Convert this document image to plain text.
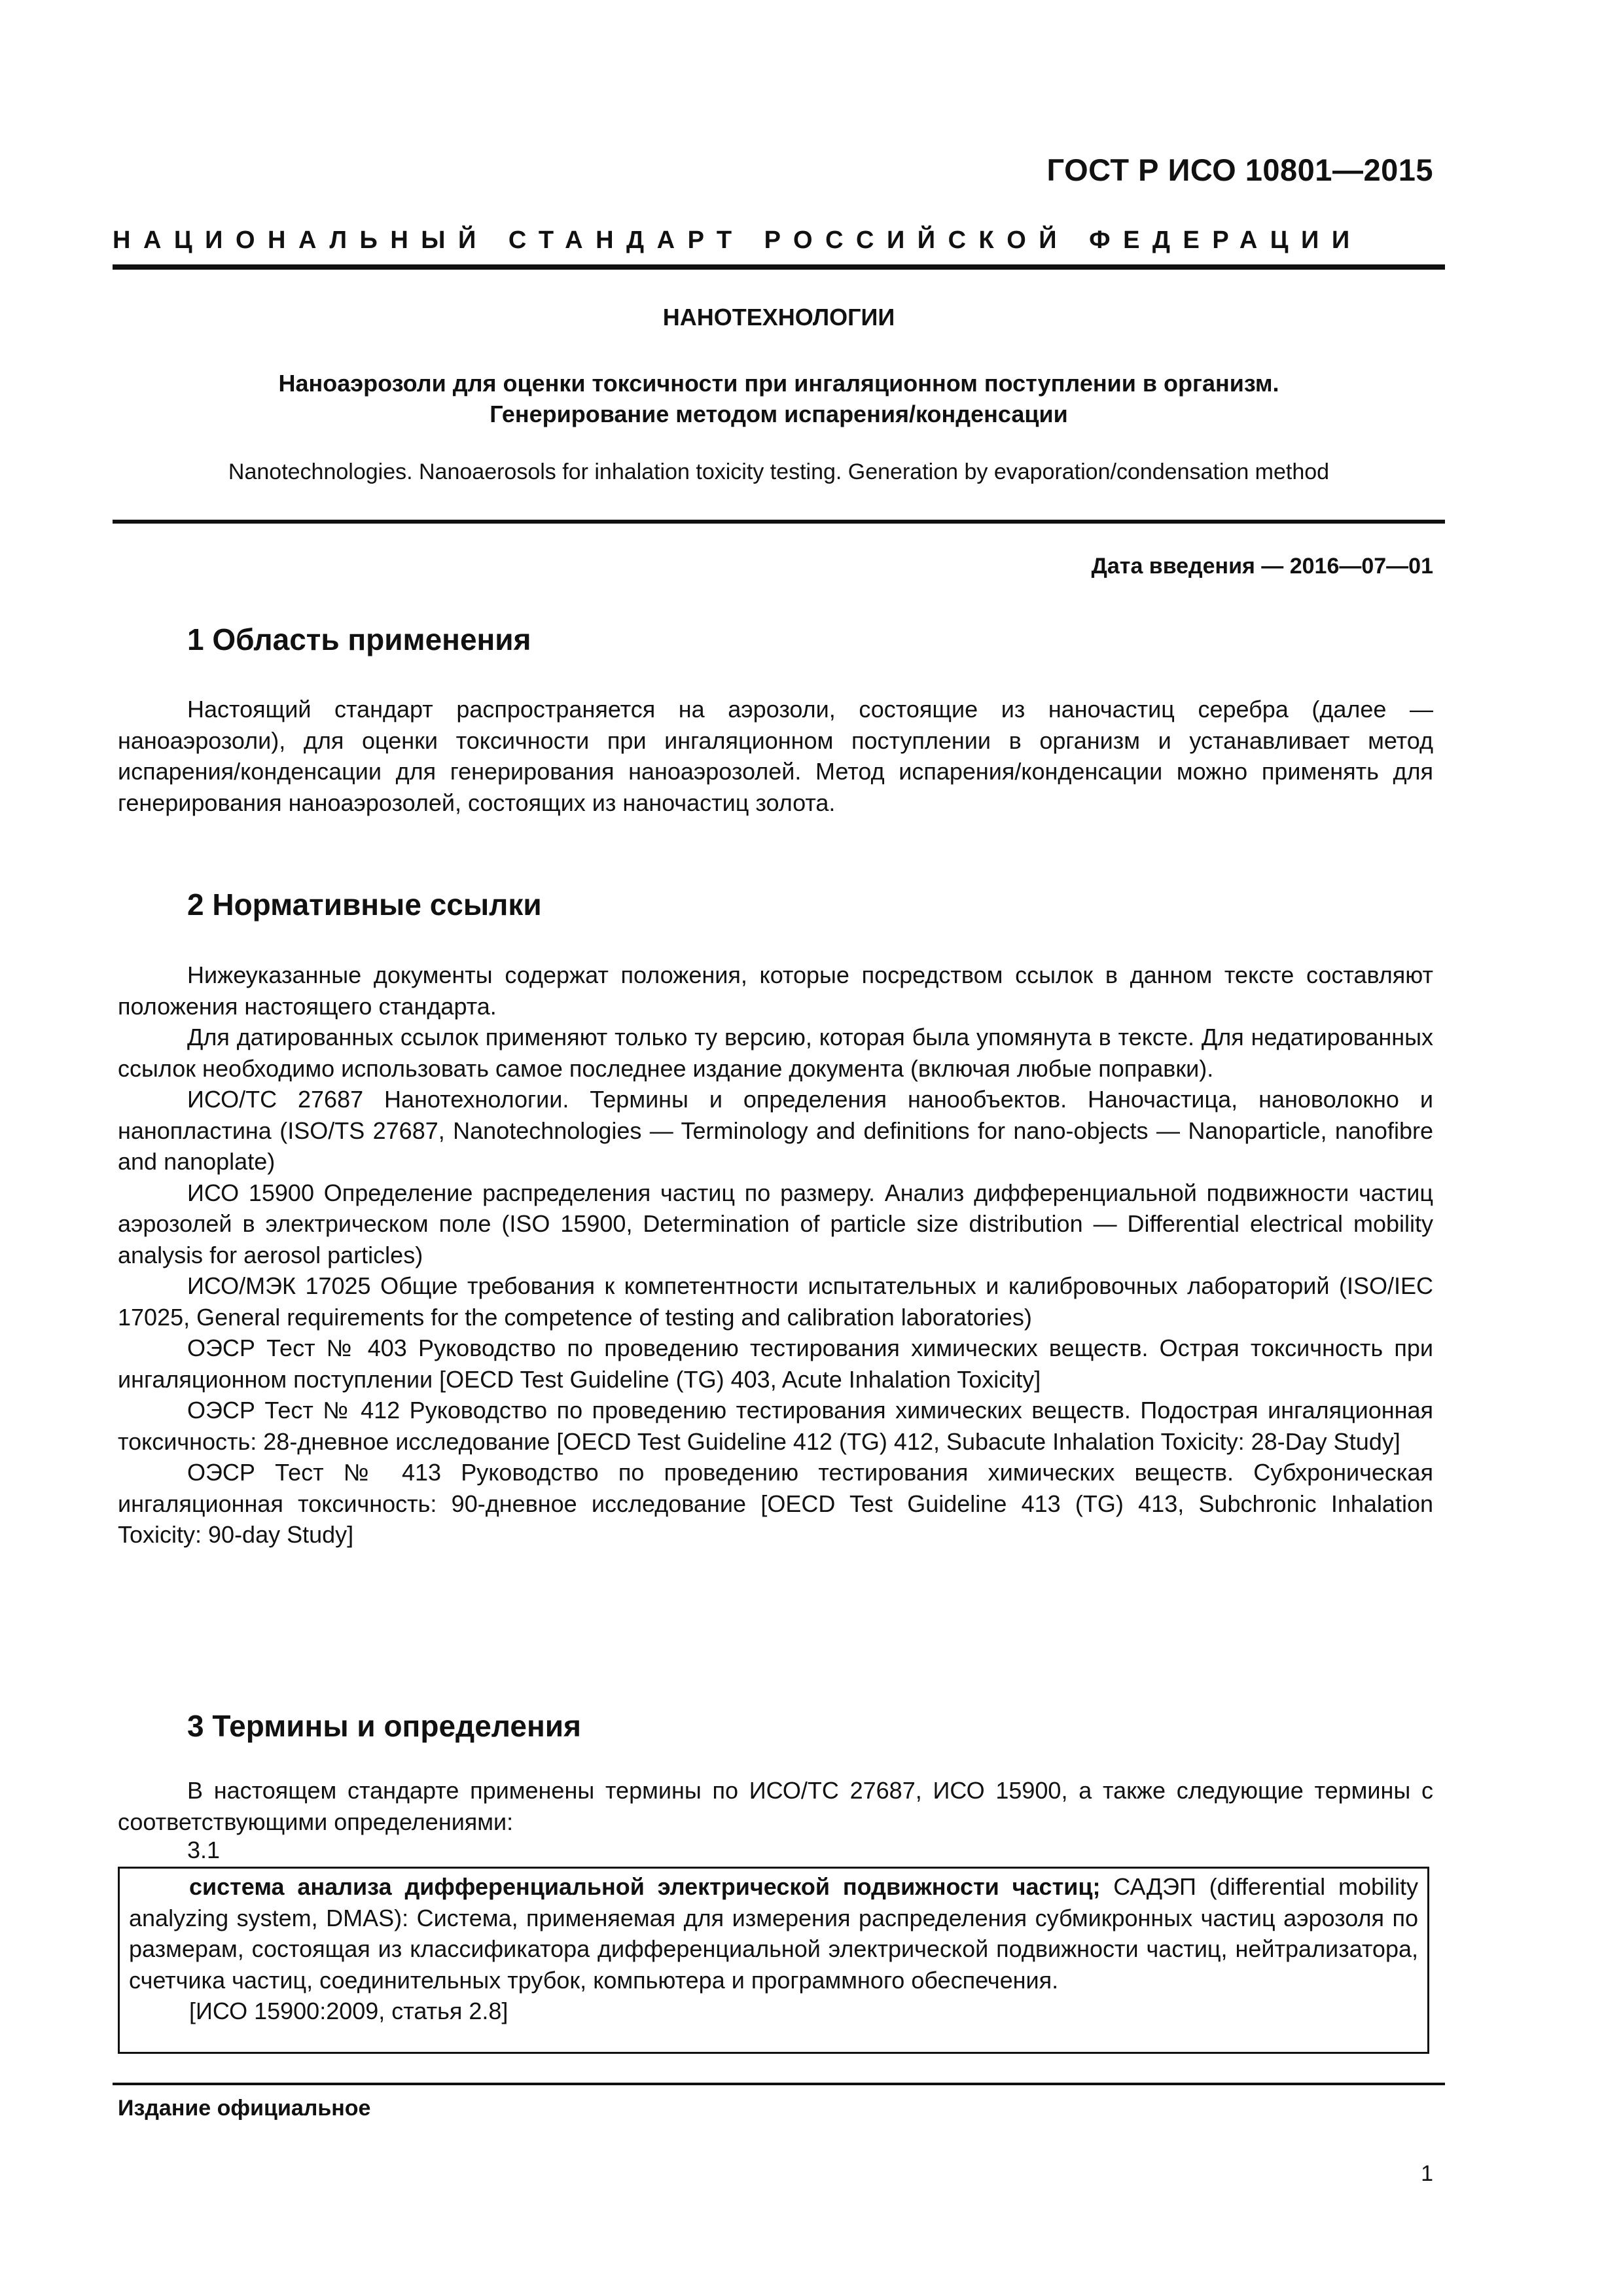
ГОСТ Р ИСО 10801—2015
НАЦИОНАЛЬНЫЙ СТАНДАРТ РОССИЙСКОЙ ФЕДЕРАЦИИ
НАНОТЕХНОЛОГИИ
Наноаэрозоли для оценки токсичности при ингаляционном поступлении в организм.
Генерирование методом испарения/конденсации
Nanotechnologies. Nanoaerosols for inhalation toxicity testing. Generation by evaporation/condensation method
Дата введения — 2016—07—01
1 Область применения

Настоящий стандарт распространяется на аэрозоли, состоящие из наночастиц серебра (далее — наноаэрозоли), для оценки токсичности при ингаляционном поступлении в организм и устанавливает метод испарения/конденсации для генерирования наноаэрозолей. Метод испарения/конденсации можно применять для генерирования наноаэрозолей, состоящих из наночастиц золота.

2 Нормативные ссылки

Нижеуказанные документы содержат положения, которые посредством ссылок в данном тексте составляют положения настоящего стандарта.

Для датированных ссылок применяют только ту версию, которая была упомянута в тексте. Для недатированных ссылок необходимо использовать самое последнее издание документа (включая любые поправки).

ИСО/ТС 27687 Нанотехнологии. Термины и определения нанообъектов. Наночастица, нановолокно и нанопластина (ISO/TS 27687, Nanotechnologies — Terminology and definitions for nano-objects — Nanoparticle, nanofibre and nanoplate)

ИСО 15900 Определение распределения частиц по размеру. Анализ дифференциальной подвижности частиц аэрозолей в электрическом поле (ISO 15900, Determination of particle size distribution — Differential electrical mobility analysis for aerosol particles)

ИСО/МЭК 17025 Общие требования к компетентности испытательных и калибровочных лабораторий (ISO/IEC 17025, General requirements for the competence of testing and calibration laboratories)

ОЭСР Тест № 403 Руководство по проведению тестирования химических веществ. Острая токсичность при ингаляционном поступлении [OECD Test Guideline (TG) 403, Acute Inhalation Toxicity]

ОЭСР Тест № 412 Руководство по проведению тестирования химических веществ. Подострая ингаляционная токсичность: 28-дневное исследование [OECD Test Guideline 412 (TG) 412, Subacute Inhalation Toxicity: 28-Day Study]

ОЭСР Тест № 413 Руководство по проведению тестирования химических веществ. Субхроническая ингаляционная токсичность: 90-дневное исследование [OECD Test Guideline 413 (TG) 413, Subchronic Inhalation Toxicity: 90-day Study]

3 Термины и определения

В настоящем стандарте применены термины по ИСО/ТС 27687, ИСО 15900, а также следующие термины с соответствующими определениями:

3.1

система анализа дифференциальной электрической подвижности частиц; САДЭП (differential mobility analyzing system, DMAS): Система, применяемая для измерения распределения субмикронных частиц аэрозоля по размерам, состоящая из классификатора дифференциальной электрической подвижности частиц, нейтрализатора, счетчика частиц, соединительных трубок, компьютера и программного обеспечения.

[ИСО 15900:2009, статья 2.8]

Издание официальное
1
